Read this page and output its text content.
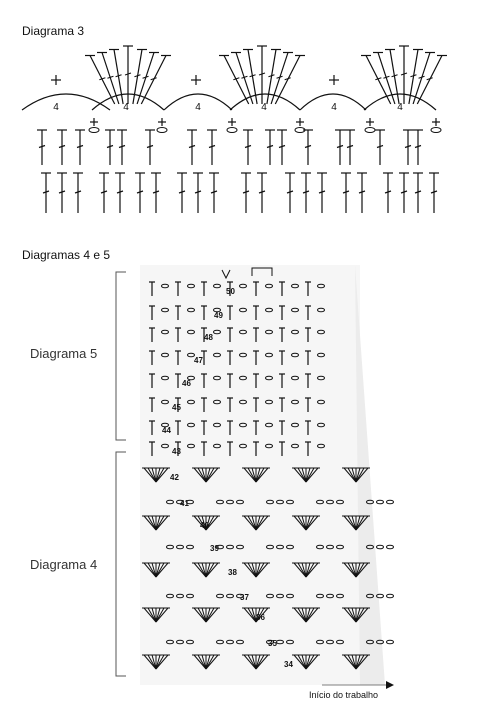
Diagrama 3
Diagramas 4 e 5
Diagrama 5
Diagrama 4
Início do trabalho
4	4	4	4	4	4
50
49
48
47
46
45
44
43
42
41
40
39
38
37
36
35
34
